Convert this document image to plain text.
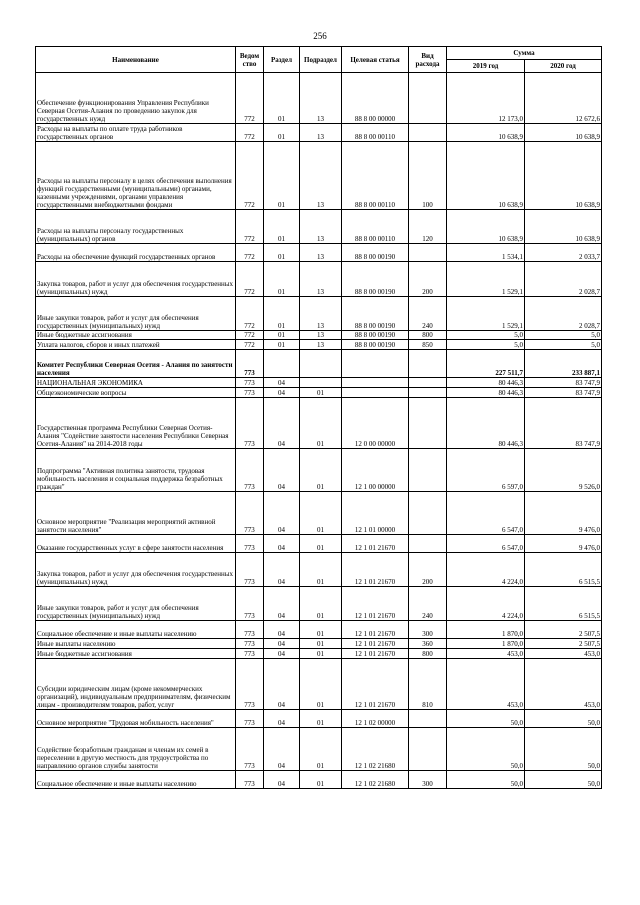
256
Наименование	Ведом ство	Раздел	Подраздел	Целевая статья	Вид расхода	Сумма	
						2019 год	2020 год
Обеспечение функционирования Управления Республики Северная Осетия-Алания по проведению закупок для государственных нужд	772	01	13	88 8 00 00000		12 173,0	12 672,6
Расходы на выплаты по оплате труда работников государственных органов	772	01	13	88 8 00 00110		10 638,9	10 638,9
Расходы на выплаты персоналу в целях обеспечения выполнения функций государственными (муниципальными) органами, казенными учреждениями, органами управления государственными внебюджетными фондами	772	01	13	88 8 00 00110	100	10 638,9	10 638,9
Расходы на выплаты персоналу государственных (муниципальных) органов	772	01	13	88 8 00 00110	120	10 638,9	10 638,9
Расходы на обеспечение функций государственных органов	772	01	13	88 8 00 00190		1 534,1	2 033,7
Закупка товаров, работ и услуг для обеспечения государственных (муниципальных) нужд	772	01	13	88 8 00 00190	200	1 529,1	2 028,7
Иные закупки товаров, работ и услуг для обеспечения государственных (муниципальных) нужд	772	01	13	88 8 00 00190	240	1 529,1	2 028,7
Иные бюджетные ассигнования	772	01	13	88 8 00 00190	800	5,0	5,0
Уплата налогов, сборов и иных платежей	772	01	13	88 8 00 00190	850	5,0	5,0
Комитет Республики Северная Осетия - Алания по занятости населения	773					227 511,7	233 887,1
НАЦИОНАЛЬНАЯ ЭКОНОМИКА	773	04				80 446,3	83 747,9
Общеэкономические вопросы	773	04	01			80 446,3	83 747,9
Государственная программа Республики Северная Осетия-Алания "Содействие занятости населения Республики Северная Осетия-Алания" на 2014-2018 годы	773	04	01	12 0 00 00000		80 446,3	83 747,9
Подпрограмма "Активная политика занятости, трудовая мобильность населения и социальная поддержка безработных граждан"	773	04	01	12 1 00 00000		6 597,0	9 526,0
Основное мероприятие "Реализация мероприятий активной занятости населения"	773	04	01	12 1 01 00000		6 547,0	9 476,0
Оказание государственных услуг в сфере занятости населения	773	04	01	12 1 01 21670		6 547,0	9 476,0
Закупка товаров, работ и услуг для обеспечения государственных (муниципальных) нужд	773	04	01	12 1 01 21670	200	4 224,0	6 515,5
Иные закупки товаров, работ и услуг для обеспечения государственных (муниципальных) нужд	773	04	01	12 1 01 21670	240	4 224,0	6 515,5
Социальное обеспечение и иные выплаты населению	773	04	01	12 1 01 21670	300	1 870,0	2 507,5
Иные выплаты населению	773	04	01	12 1 01 21670	360	1 870,0	2 507,5
Иные бюджетные ассигнования	773	04	01	12 1 01 21670	800	453,0	453,0
Субсидии юридическим лицам (кроме некоммерческих организаций), индивидуальным предпринимателям, физическим лицам - производителям товаров, работ, услуг	773	04	01	12 1 01 21670	810	453,0	453,0
Основное мероприятие "Трудовая мобильность населения"	773	04	01	12 1 02 00000		50,0	50,0
Содействие безработным гражданам и членам их семей в переселении в другую местность для трудоустройства по направлению органов службы занятости	773	04	01	12 1 02 21680		50,0	50,0
Социальное обеспечение и иные выплаты населению	773	04	01	12 1 02 21680	300	50,0	50,0
